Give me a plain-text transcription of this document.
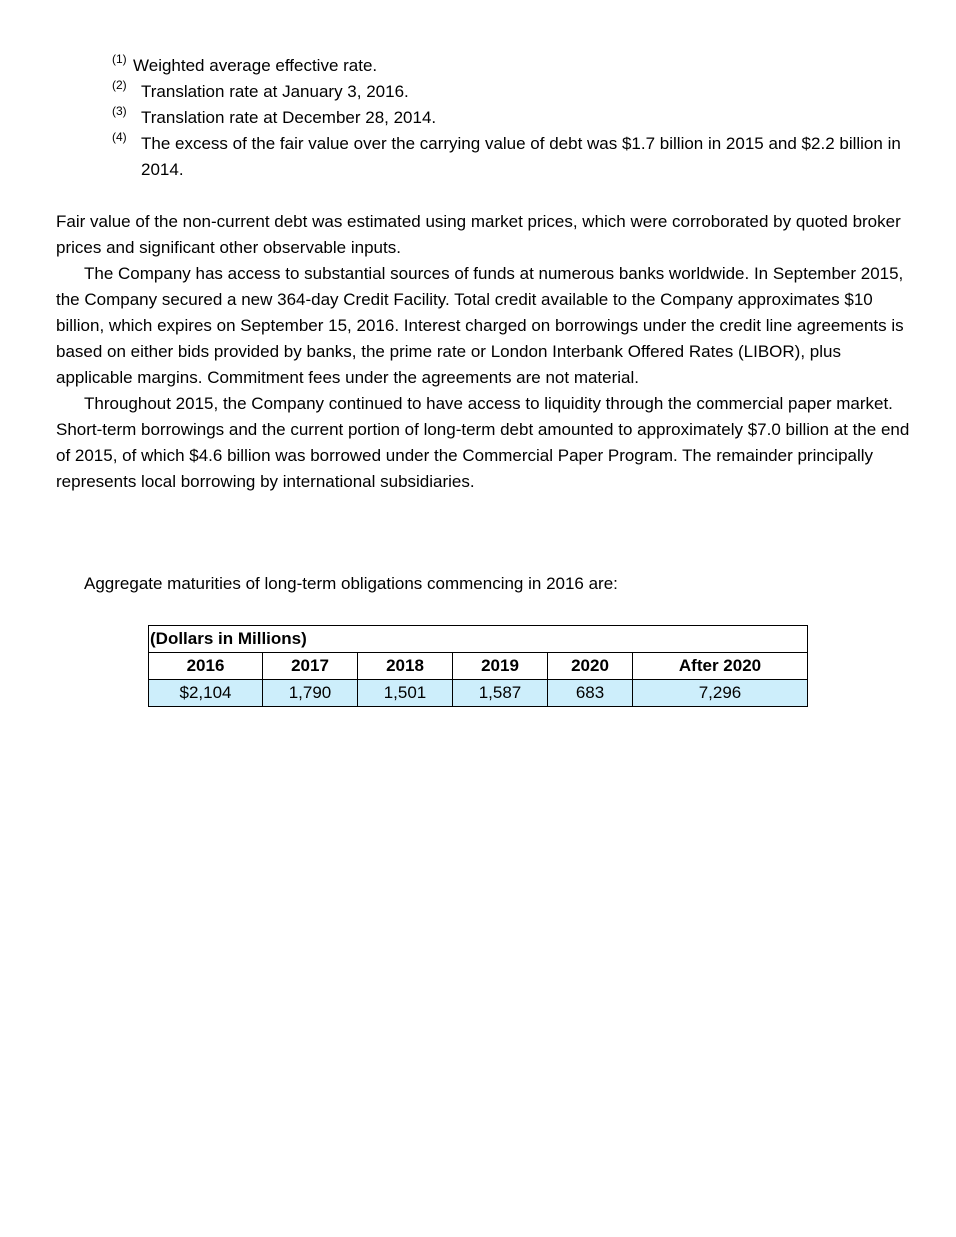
(1) Weighted average effective rate.

(2) Translation rate at January 3, 2016.

(3) Translation rate at December 28, 2014.

(4) The excess of the fair value over the carrying value of debt was $1.7 billion in 2015 and $2.2 billion in 2014.

Fair value of the non-current debt was estimated using market prices, which were corroborated by quoted broker prices and significant other observable inputs.

The Company has access to substantial sources of funds at numerous banks worldwide. In September 2015, the Company secured a new 364-day Credit Facility. Total credit available to the Company approximates $10 billion, which expires on September 15, 2016. Interest charged on borrowings under the credit line agreements is based on either bids provided by banks, the prime rate or London Interbank Offered Rates (LIBOR), plus applicable margins. Commitment fees under the agreements are not material.

Throughout 2015, the Company continued to have access to liquidity through the commercial paper market. Short-term borrowings and the current portion of long-term debt amounted to approximately $7.0 billion at the end of 2015, of which $4.6 billion was borrowed under the Commercial Paper Program. The remainder principally represents local borrowing by international subsidiaries.

Aggregate maturities of long-term obligations commencing in 2016 are:

(Dollars in Millions)					
2016	2017	2018	2019	2020	After 2020
$2,104	1,790	1,501	1,587	683	7,296
